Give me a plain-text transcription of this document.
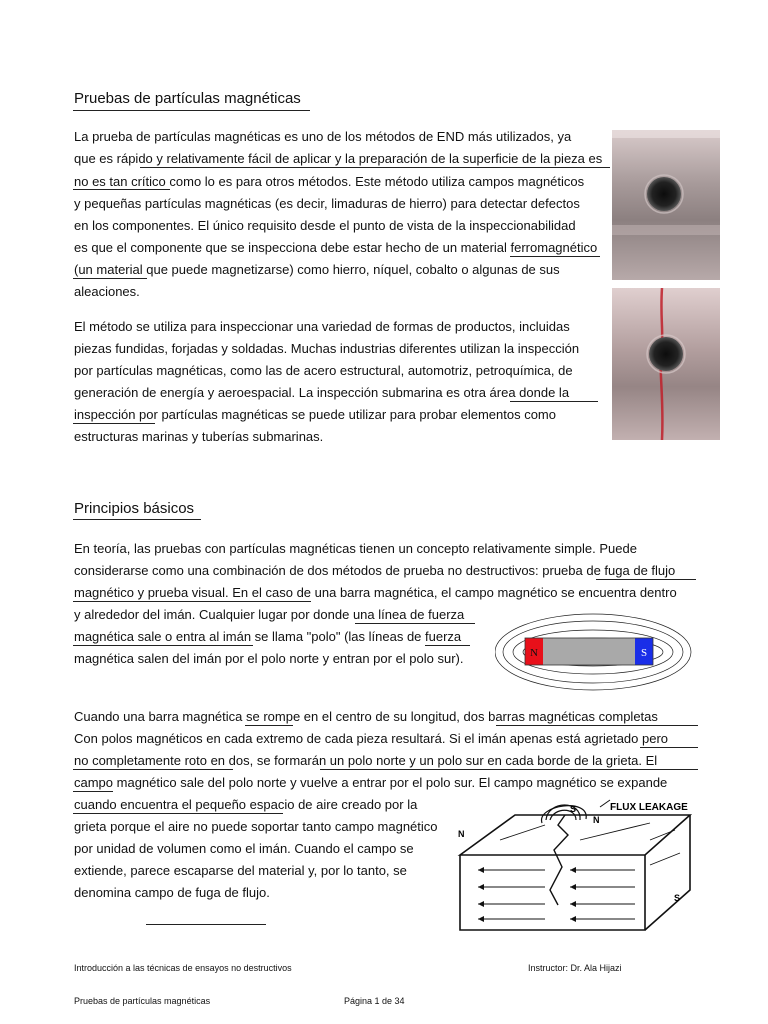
Pruebas de partículas magnéticas
La prueba de partículas magnéticas es uno de los métodos de END más utilizados, ya
que es rápido y relativamente fácil de aplicar y la preparación de la superficie de la pieza es
no es tan crítico como lo es para otros métodos. Este método utiliza campos magnéticos
y pequeñas partículas magnéticas (es decir, limaduras de hierro) para detectar defectos
en los componentes. El único requisito desde el punto de vista de la inspeccionabilidad
es que el componente que se inspecciona debe estar hecho de un material ferromagnético
(un material que puede magnetizarse) como hierro, níquel, cobalto o algunas de sus
aleaciones.
El método se utiliza para inspeccionar una variedad de formas de productos, incluidas
piezas fundidas, forjadas y soldadas. Muchas industrias diferentes utilizan la inspección
por partículas magnéticas, como las de acero estructural, automotriz, petroquímica, de
generación de energía y aeroespacial. La inspección submarina es otra área donde la
inspección por partículas magnéticas se puede utilizar para probar elementos como
estructuras marinas y tuberías submarinas.
Principios básicos
En teoría, las pruebas con partículas magnéticas tienen un concepto relativamente simple. Puede
considerarse como una combinación de dos métodos de prueba no destructivos: prueba de fuga de flujo
magnético y prueba visual. En el caso de una barra magnética, el campo magnético se encuentra dentro
y alrededor del imán. Cualquier lugar por donde una línea de fuerza
magnética sale o entra al imán se llama "polo" (las líneas de fuerza
magnética salen del imán por el polo norte y entran por el polo sur).	N	S
Cuando una barra magnética se rompe en el centro de su longitud, dos barras magnéticas completas
Con polos magnéticos en cada extremo de cada pieza resultará. Si el imán apenas está agrietado pero
no completamente roto en dos, se formarán un polo norte y un polo sur en cada borde de la grieta. El
campo magnético sale del polo norte y vuelve a entrar por el polo sur. El campo magnético se expande
cuando encuentra el pequeño espacio de aire creado por la
grieta porque el aire no puede soportar tanto campo magnético
por unidad de volumen como el imán. Cuando el campo se
extiende, parece escaparse del material y, por lo tanto, se
denomina campo de fuga de flujo.
N
S
N
S
FLUX LEAKAGE
Introducción a las técnicas de ensayos no destructivos	Instructor: Dr. Ala Hijazi
Pruebas de partículas magnéticas	Página 1 de 34
